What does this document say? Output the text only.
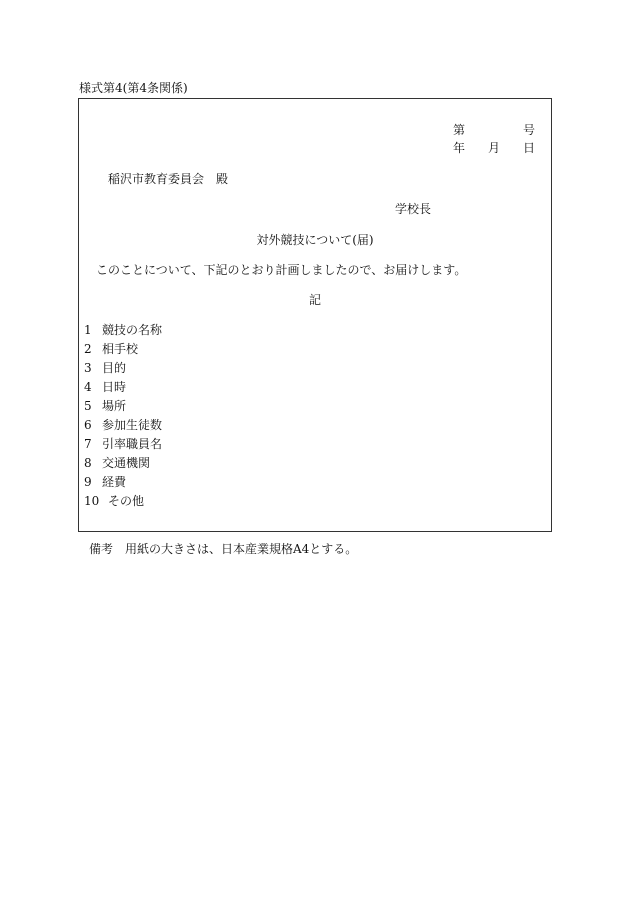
様式第4(第4条関係)
第	号
年 月 日
稲沢市教育委員会　殿
学校長
対外競技について(届)
このことについて、下記のとおり計画しましたので、お届けします。
記
1 競技の名称
2 相手校
3 目的
4 日時
5 場所
6 参加生徒数
7 引率職員名
8 交通機関
9 経費
10 その他
備考　用紙の大きさは、日本産業規格A4とする。
